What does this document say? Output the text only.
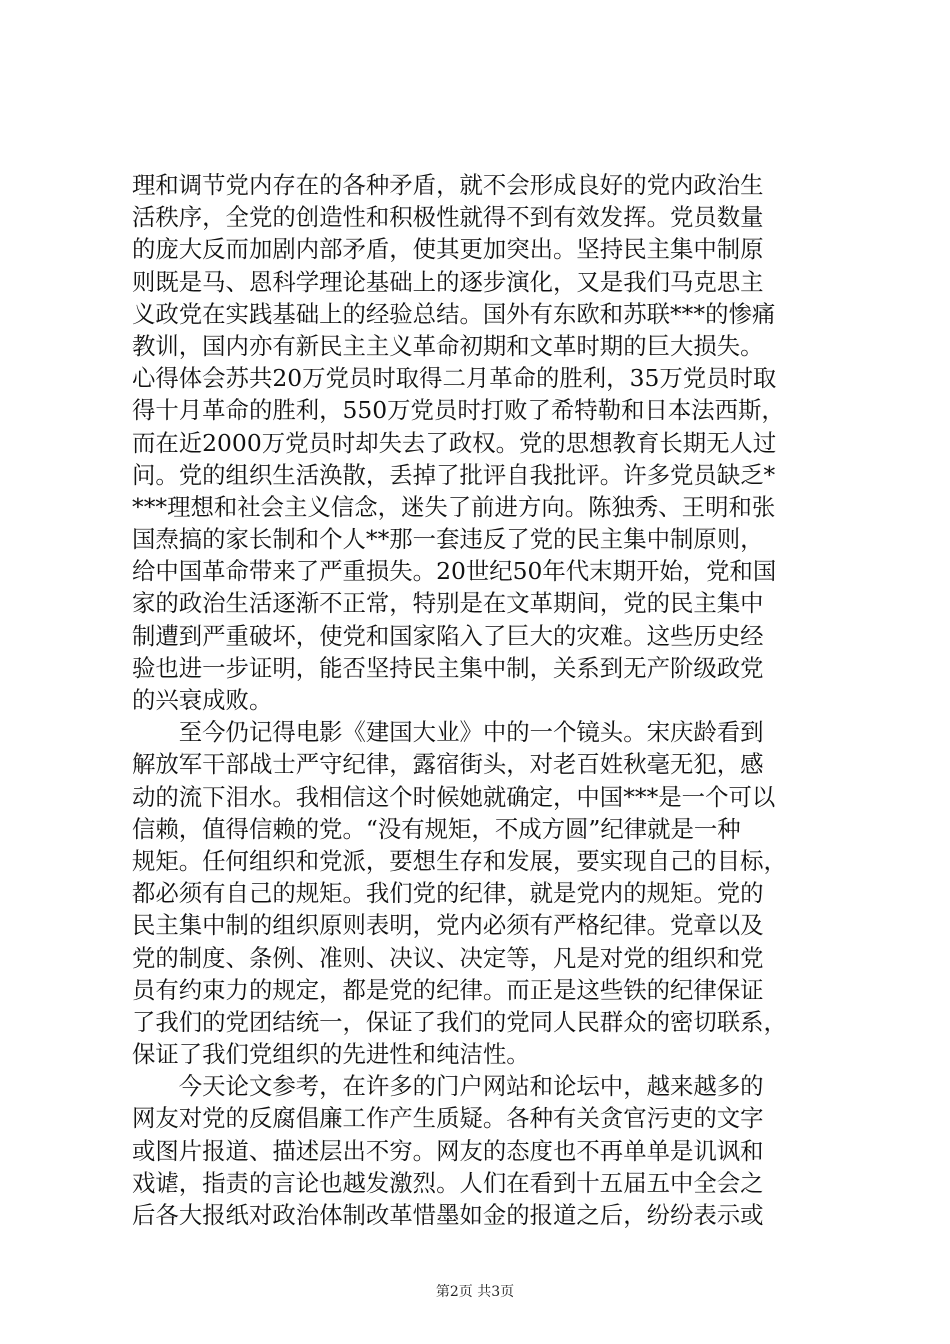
理和调节党内存在的各种矛盾，就不会形成良好的党内政治生
活秩序，全党的创造性和积极性就得不到有效发挥。党员数量
的庞大反而加剧内部矛盾，使其更加突出。坚持民主集中制原
则既是马、恩科学理论基础上的逐步演化，又是我们马克思主
义政党在实践基础上的经验总结。国外有东欧和苏联***的惨痛
教训，国内亦有新民主主义革命初期和文革时期的巨大损失。
心得体会苏共20万党员时取得二月革命的胜利，35万党员时取
得十月革命的胜利，550万党员时打败了希特勒和日本法西斯，
而在近2000万党员时却失去了政权。党的思想教育长期无人过
问。党的组织生活涣散，丢掉了批评自我批评。许多党员缺乏*
***理想和社会主义信念，迷失了前进方向。陈独秀、王明和张
国焘搞的家长制和个人**那一套违反了党的民主集中制原则，
给中国革命带来了严重损失。20世纪50年代末期开始，党和国
家的政治生活逐渐不正常，特别是在文革期间，党的民主集中
制遭到严重破坏，使党和国家陷入了巨大的灾难。这些历史经
验也进一步证明，能否坚持民主集中制，关系到无产阶级政党
的兴衰成败。
　　至今仍记得电影《建国大业》中的一个镜头。宋庆龄看到
解放军干部战士严守纪律，露宿街头，对老百姓秋毫无犯，感
动的流下泪水。我相信这个时候她就确定，中国***是一个可以
信赖，值得信赖的党。“没有规矩，不成方圆”纪律就是一种
规矩。任何组织和党派，要想生存和发展，要实现自己的目标，
都必须有自己的规矩。我们党的纪律，就是党内的规矩。党的
民主集中制的组织原则表明，党内必须有严格纪律。党章以及
党的制度、条例、准则、决议、决定等，凡是对党的组织和党
员有约束力的规定，都是党的纪律。而正是这些铁的纪律保证
了我们的党团结统一，保证了我们的党同人民群众的密切联系，
保证了我们党组织的先进性和纯洁性。
　　今天论文参考，在许多的门户网站和论坛中，越来越多的
网友对党的反腐倡廉工作产生质疑。各种有关贪官污吏的文字
或图片报道、描述层出不穷。网友的态度也不再单单是讥讽和
戏谑，指责的言论也越发激烈。人们在看到十五届五中全会之
后各大报纸对政治体制改革惜墨如金的报道之后，纷纷表示或
第2页 共3页
